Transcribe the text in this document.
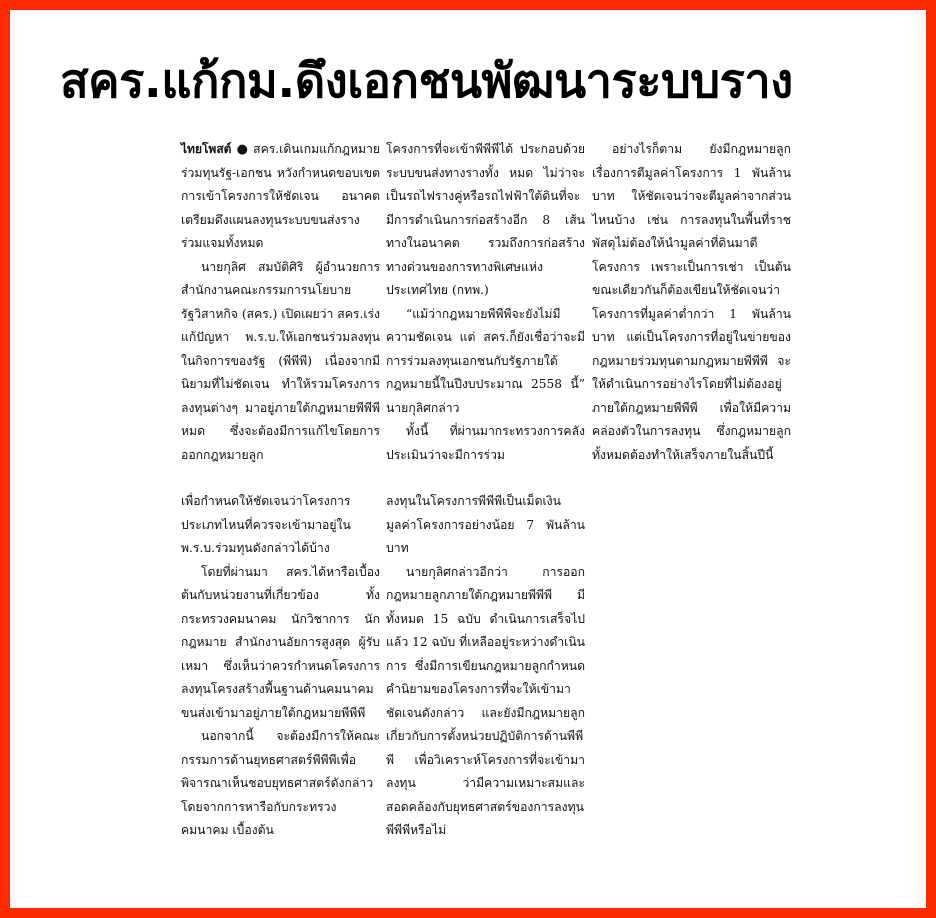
สคร.แก้กม.ดึงเอกชนพัฒนาระบบราง

ไทยโพสต์ ● สคร.เดินเกมแก้กฎหมายร่วมทุนรัฐ-เอกชน หวังกำหนดขอบเขตการเข้าโครงการให้ชัดเจน อนาคตเตรียมดึงแผนลงทุนระบบขนส่งรางร่วมแจมทั้งหมด

นายกุลิศ สมบัติศิริ ผู้อำนวยการสำนักงานคณะกรรมการนโยบายรัฐวิสาหกิจ (สคร.) เปิดเผยว่า สคร.เร่งแก้ปัญหา พ.ร.บ.ให้เอกชนร่วมลงทุนในกิจการของรัฐ (พีพีพี) เนื่องจากมีนิยามที่ไม่ชัดเจน ทำให้รวมโครงการลงทุนต่างๆ มาอยู่ภายใต้กฎหมายพีพีพีหมด ซึ่งจะต้องมีการแก้ไขโดยการออกกฎหมายลูก

เพื่อกำหนดให้ชัดเจนว่าโครงการประเภทไหนที่ควรจะเข้ามาอยู่ใน พ.ร.บ.ร่วมทุนดังกล่าวได้บ้าง

โดยที่ผ่านมา สคร.ได้หารือเบื้องต้นกับหน่วยงานที่เกี่ยวข้อง ทั้งกระทรวงคมนาคม นักวิชาการ นักกฎหมาย สำนักงานอัยการสูงสุด ผู้รับเหมา ซึ่งเห็นว่าควรกำหนดโครงการลงทุนโครงสร้างพื้นฐานด้านคมนาคมขนส่งเข้ามาอยู่ภายใต้กฎหมายพีพีพี

นอกจากนี้ จะต้องมีการให้คณะกรรมการด้านยุทธศาสตร์พีพีพีเพื่อพิจารณาเห็นชอบยุทธศาสตร์ดังกล่าว โดยจากการหารือกับกระทรวงคมนาคม เบื้องต้น

โครงการที่จะเข้าพีพีพีได้ ประกอบด้วย ระบบขนส่งทางรางทั้ง หมด ไม่ว่าจะเป็นรถไฟรางคู่หรือรถไฟฟ้าใต้ดินที่จะมีการดำเนินการก่อสร้างอีก 8 เส้นทางในอนาคต รวมถึงการก่อสร้างทางด่วนของการทางพิเศษแห่งประเทศไทย (กทพ.)

“แม้ว่ากฎหมายพีพีพีจะยังไม่มีความชัดเจน แต่ สคร.ก็ยังเชื่อว่าจะมีการร่วมลงทุนเอกชนกับรัฐภายใต้กฎหมายนี้ในปีงบประมาณ 2558 นี้” นายกุลิศกล่าว

ทั้งนี้ ที่ผ่านมากระทรวงการคลังประเมินว่าจะมีการร่วม

ลงทุนในโครงการพีพีพีเป็นเม็ดเงินมูลค่าโครงการอย่างน้อย 7 พันล้านบาท

นายกุลิศกล่าวอีกว่า การออกกฎหมายลูกภายใต้กฎหมายพีพีพี มีทั้งหมด 15 ฉบับ ดำเนินการเสร็จไปแล้ว 12 ฉบับ ที่เหลืออยู่ระหว่างดำเนินการ ซึ่งมีการเขียนกฎหมายลูกกำหนดคำนิยามของโครงการที่จะให้เข้ามาชัดเจนดังกล่าว และยังมีกฎหมายลูกเกี่ยวกับการตั้งหน่วยปฏิบัติการด้านพีพีพี เพื่อวิเคราะห์โครงการที่จะเข้ามาลงทุน ว่ามีความเหมาะสมและสอดคล้องกับยุทธศาสตร์ของการลงทุนพีพีพีหรือไม่

อย่างไรก็ตาม ยังมีกฎหมายลูกเรื่องการตีมูลค่าโครงการ 1 พันล้านบาท ให้ชัดเจนว่าจะตีมูลค่าจากส่วนไหนบ้าง เช่น การลงทุนในพื้นที่ราชพัสดุไม่ต้องให้นำมูลค่าที่ดินมาตีโครงการ เพราะเป็นการเช่า เป็นต้น ขณะเดียวกันก็ต้องเขียนให้ชัดเจนว่าโครงการที่มูลค่าต่ำกว่า 1 พันล้านบาท แต่เป็นโครงการที่อยู่ในข่ายของกฎหมายร่วมทุนตามกฎหมายพีพีพี จะให้ดำเนินการอย่างไรโดยที่ไม่ต้องอยู่ภายใต้กฎหมายพีพีพี เพื่อให้มีความคล่องตัวในการลงทุน ซึ่งกฎหมายลูกทั้งหมดต้องทำให้เสร็จภายในสิ้นปีนี้
